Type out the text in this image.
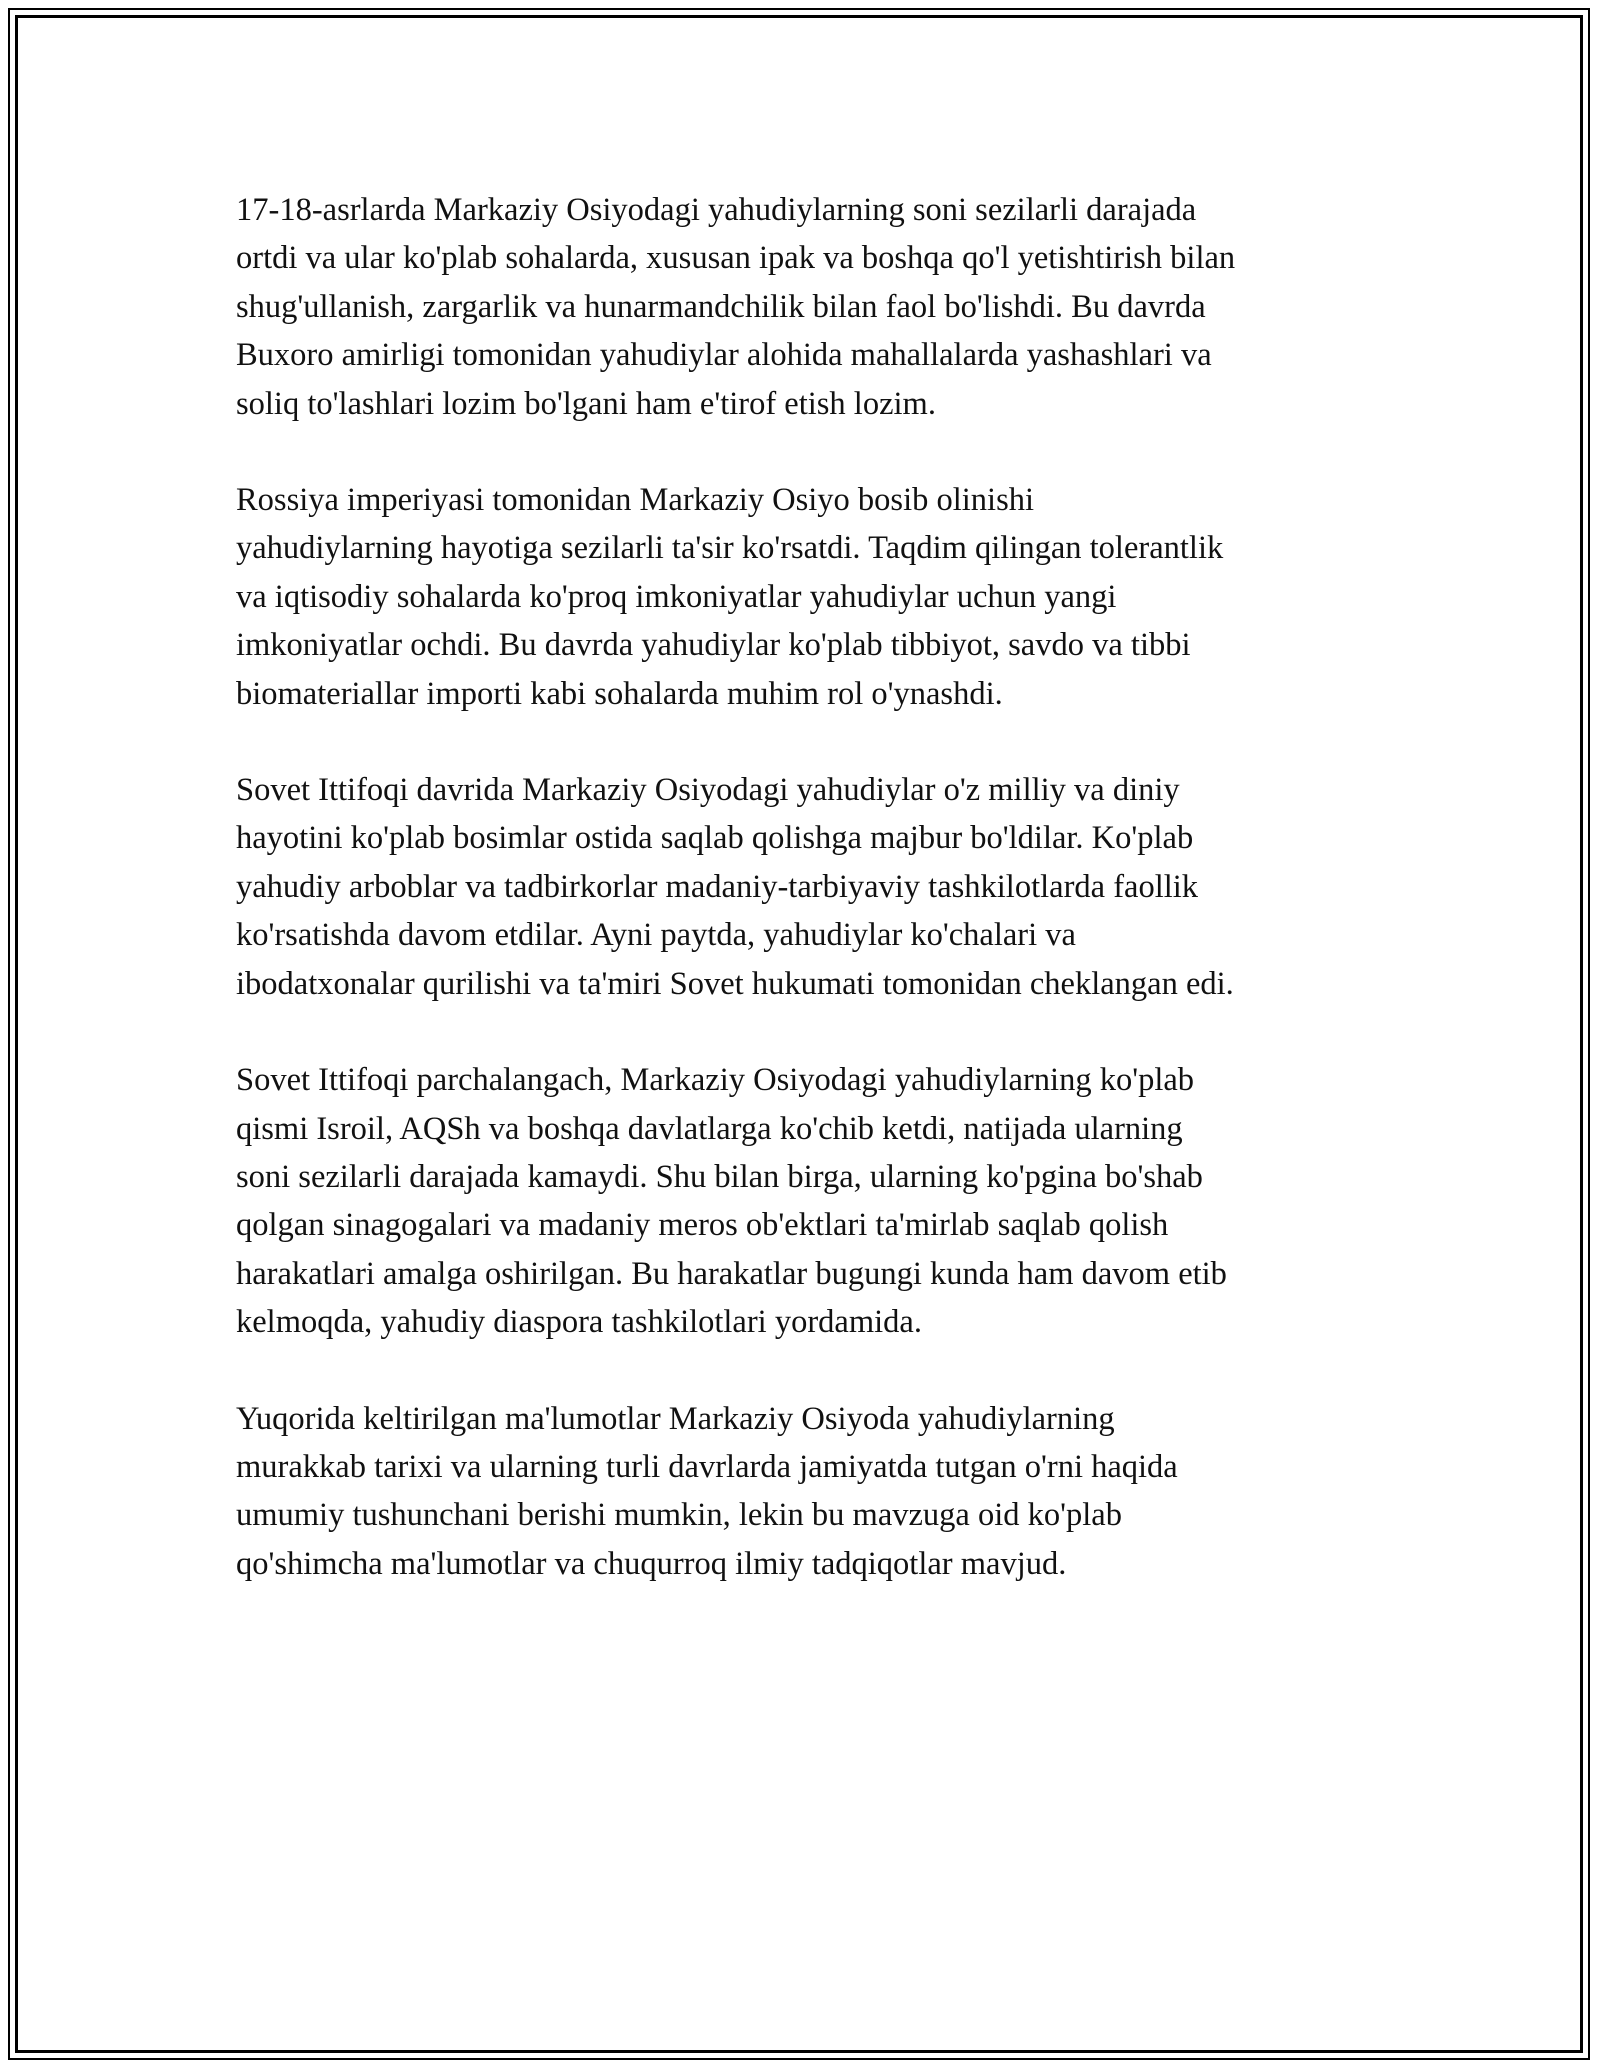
17-18-asrlarda Markaziy Osiyodagi yahudiylarning soni sezilarli darajada
ortdi va ular ko'plab sohalarda, xususan ipak va boshqa qo'l yetishtirish bilan
shug'ullanish, zargarlik va hunarmandchilik bilan faol bo'lishdi. Bu davrda
Buxoro amirligi tomonidan yahudiylar alohida mahallalarda yashashlari va
soliq to'lashlari lozim bo'lgani ham e'tirof etish lozim.

Rossiya imperiyasi tomonidan Markaziy Osiyo bosib olinishi
yahudiylarning hayotiga sezilarli ta'sir ko'rsatdi. Taqdim qilingan tolerantlik
va iqtisodiy sohalarda ko'proq imkoniyatlar yahudiylar uchun yangi
imkoniyatlar ochdi. Bu davrda yahudiylar ko'plab tibbiyot, savdo va tibbi
biomateriallar importi kabi sohalarda muhim rol o'ynashdi.

Sovet Ittifoqi davrida Markaziy Osiyodagi yahudiylar o'z milliy va diniy
hayotini ko'plab bosimlar ostida saqlab qolishga majbur bo'ldilar. Ko'plab
yahudiy arboblar va tadbirkorlar madaniy-tarbiyaviy tashkilotlarda faollik
ko'rsatishda davom etdilar. Ayni paytda, yahudiylar ko'chalari va
ibodatxonalar qurilishi va ta'miri Sovet hukumati tomonidan cheklangan edi.

Sovet Ittifoqi parchalangach, Markaziy Osiyodagi yahudiylarning ko'plab
qismi Isroil, AQSh va boshqa davlatlarga ko'chib ketdi, natijada ularning
soni sezilarli darajada kamaydi. Shu bilan birga, ularning ko'pgina bo'shab
qolgan sinagogalari va madaniy meros ob'ektlari ta'mirlab saqlab qolish
harakatlari amalga oshirilgan. Bu harakatlar bugungi kunda ham davom etib
kelmoqda, yahudiy diaspora tashkilotlari yordamida.

Yuqorida keltirilgan ma'lumotlar Markaziy Osiyoda yahudiylarning
murakkab tarixi va ularning turli davrlarda jamiyatda tutgan o'rni haqida
umumiy tushunchani berishi mumkin, lekin bu mavzuga oid ko'plab
qo'shimcha ma'lumotlar va chuqurroq ilmiy tadqiqotlar mavjud.
